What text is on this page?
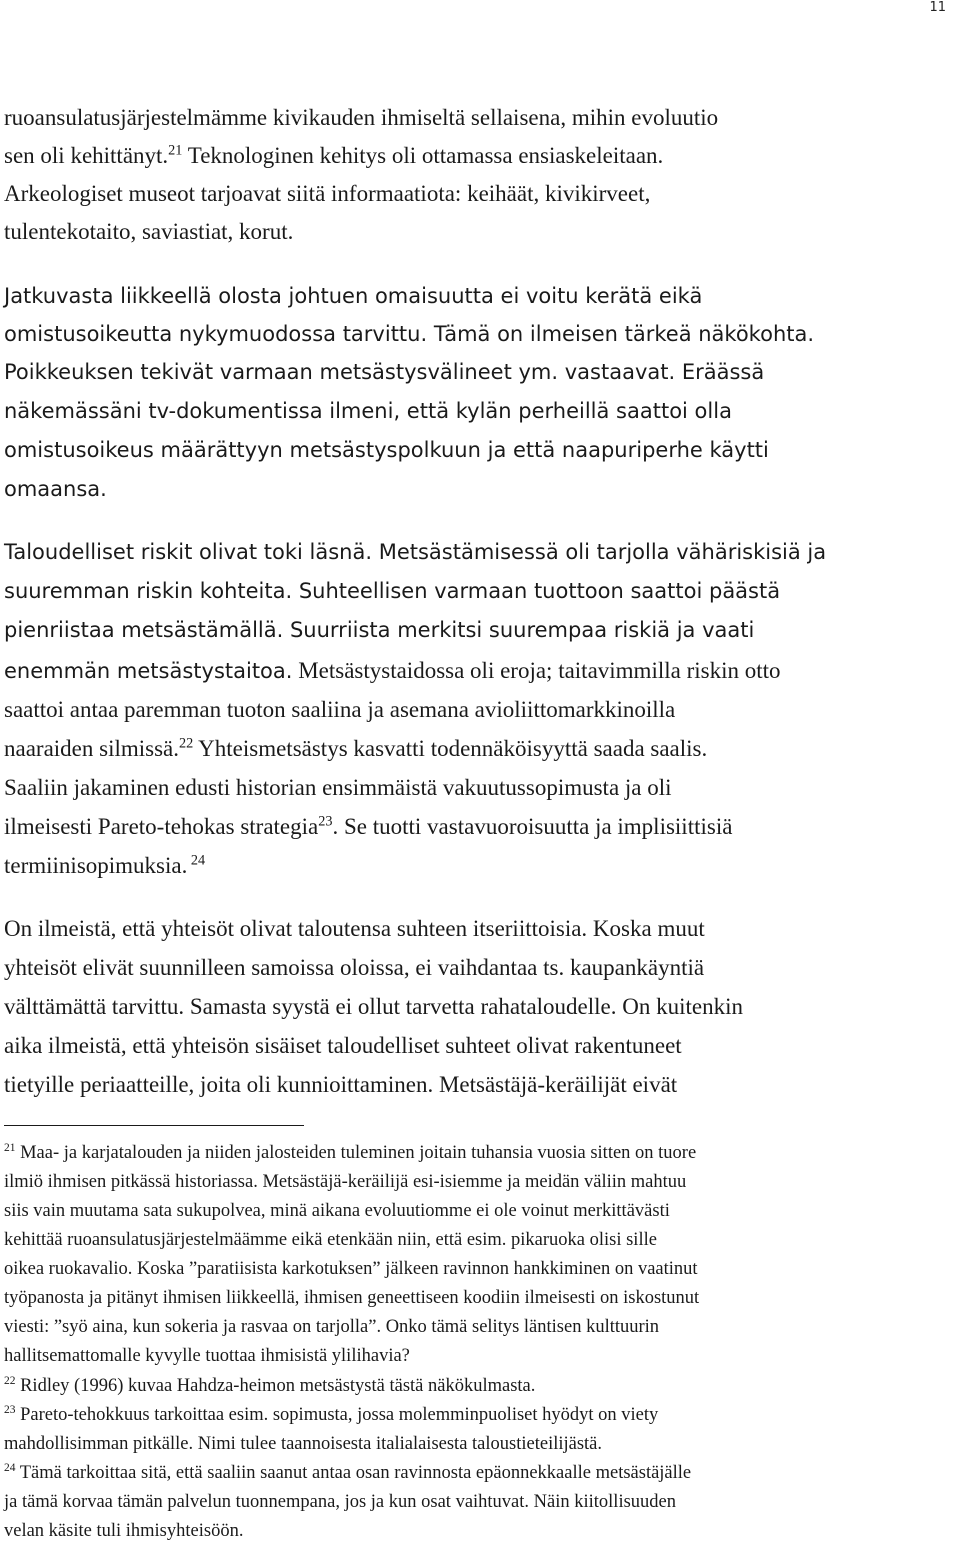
11
ruoansulatusjärjestelmämme kivikauden ihmiseltä sellaisena, mihin evoluutio
sen oli kehittänyt.$^{21}$ Teknologinen kehitys oli ottamassa ensiaskeleitaan.
Arkeologiset museot tarjoavat siitä informaatiota: keihäät, kivikirveet,
tulentekotaito, saviastiat, korut.
Jatkuvasta liikkeellä olosta johtuen omaisuutta ei voitu kerätä eikä
omistusoikeutta nykymuodossa tarvittu. Tämä on ilmeisen tärkeä näkökohta.
Poikkeuksen tekivät varmaan metsästysvälineet ym. vastaavat. Eräässä
näkemässäni tv-dokumentissa ilmeni, että kylän perheillä saattoi olla
omistusoikeus määrättyyn metsästyspolkuun ja että naapuriperhe käytti
omaansa.
Taloudelliset riskit olivat toki läsnä. Metsästämisessä oli tarjolla vähäriskisiä ja
suuremman riskin kohteita. Suhteellisen varmaan tuottoon saattoi päästä
pienriistaa metsästämällä. Suurriista merkitsi suurempaa riskiä ja vaati
enemmän metsästystaitoa. Metsästystaidossa oli eroja; taitavimmilla riskin otto
saattoi antaa paremman tuoton saaliina ja asemana avioliittomarkkinoilla
naaraiden silmissä.$^{22}$ Yhteismetsästys kasvatti todennäköisyyttä saada saalis.
Saaliin jakaminen edusti historian ensimmäistä vakuutussopimusta ja oli
ilmeisesti Pareto-tehokas strategia$^{23}$. Se tuotti vastavuoroisuutta ja implisiittisiä
termiinisopimuksia. $^{24}$
On ilmeistä, että yhteisöt olivat taloutensa suhteen itseriittoisia. Koska muut
yhteisöt elivät suunnilleen samoissa oloissa, ei vaihdantaa ts. kaupankäyntiä
välttämättä tarvittu. Samasta syystä ei ollut tarvetta rahataloudelle. On kuitenkin
aika ilmeistä, että yhteisön sisäiset taloudelliset suhteet olivat rakentuneet
tietyille periaatteille, joita oli kunnioittaminen. Metsästäjä-keräilijät eivät
$^{21}$ Maa- ja karjatalouden ja niiden jalosteiden tuleminen joitain tuhansia vuosia sitten on tuore
ilmiö ihmisen pitkässä historiassa. Metsästäjä-keräilijä esi-isiemme ja meidän väliin mahtuu
siis vain muutama sata sukupolvea, minä aikana evoluutiomme ei ole voinut merkittävästi
kehittää ruoansulatusjärjestelmäämme eikä etenkään niin, että esim. pikaruoka olisi sille
oikea ruokavalio. Koska ”paratiisista karkotuksen” jälkeen ravinnon hankkiminen on vaatinut
työpanosta ja pitänyt ihmisen liikkeellä, ihmisen geneettiseen koodiin ilmeisesti on iskostunut
viesti: ”syö aina, kun sokeria ja rasvaa on tarjolla”. Onko tämä selitys läntisen kulttuurin
hallitsemattomalle kyvylle tuottaa ihmisistä ylilihavia?
$^{22}$ Ridley (1996) kuvaa Hahdza-heimon metsästystä tästä näkökulmasta.
$^{23}$ Pareto-tehokkuus tarkoittaa esim. sopimusta, jossa molemminpuoliset hyödyt on viety
mahdollisimman pitkälle. Nimi tulee taannoisesta italialaisesta taloustieteilijästä.
$^{24}$ Tämä tarkoittaa sitä, että saaliin saanut antaa osan ravinnosta epäonnekkaalle metsästäjälle
ja tämä korvaa tämän palvelun tuonnempana, jos ja kun osat vaihtuvat. Näin kiitollisuuden
velan käsite tuli ihmisyhteisöön.
